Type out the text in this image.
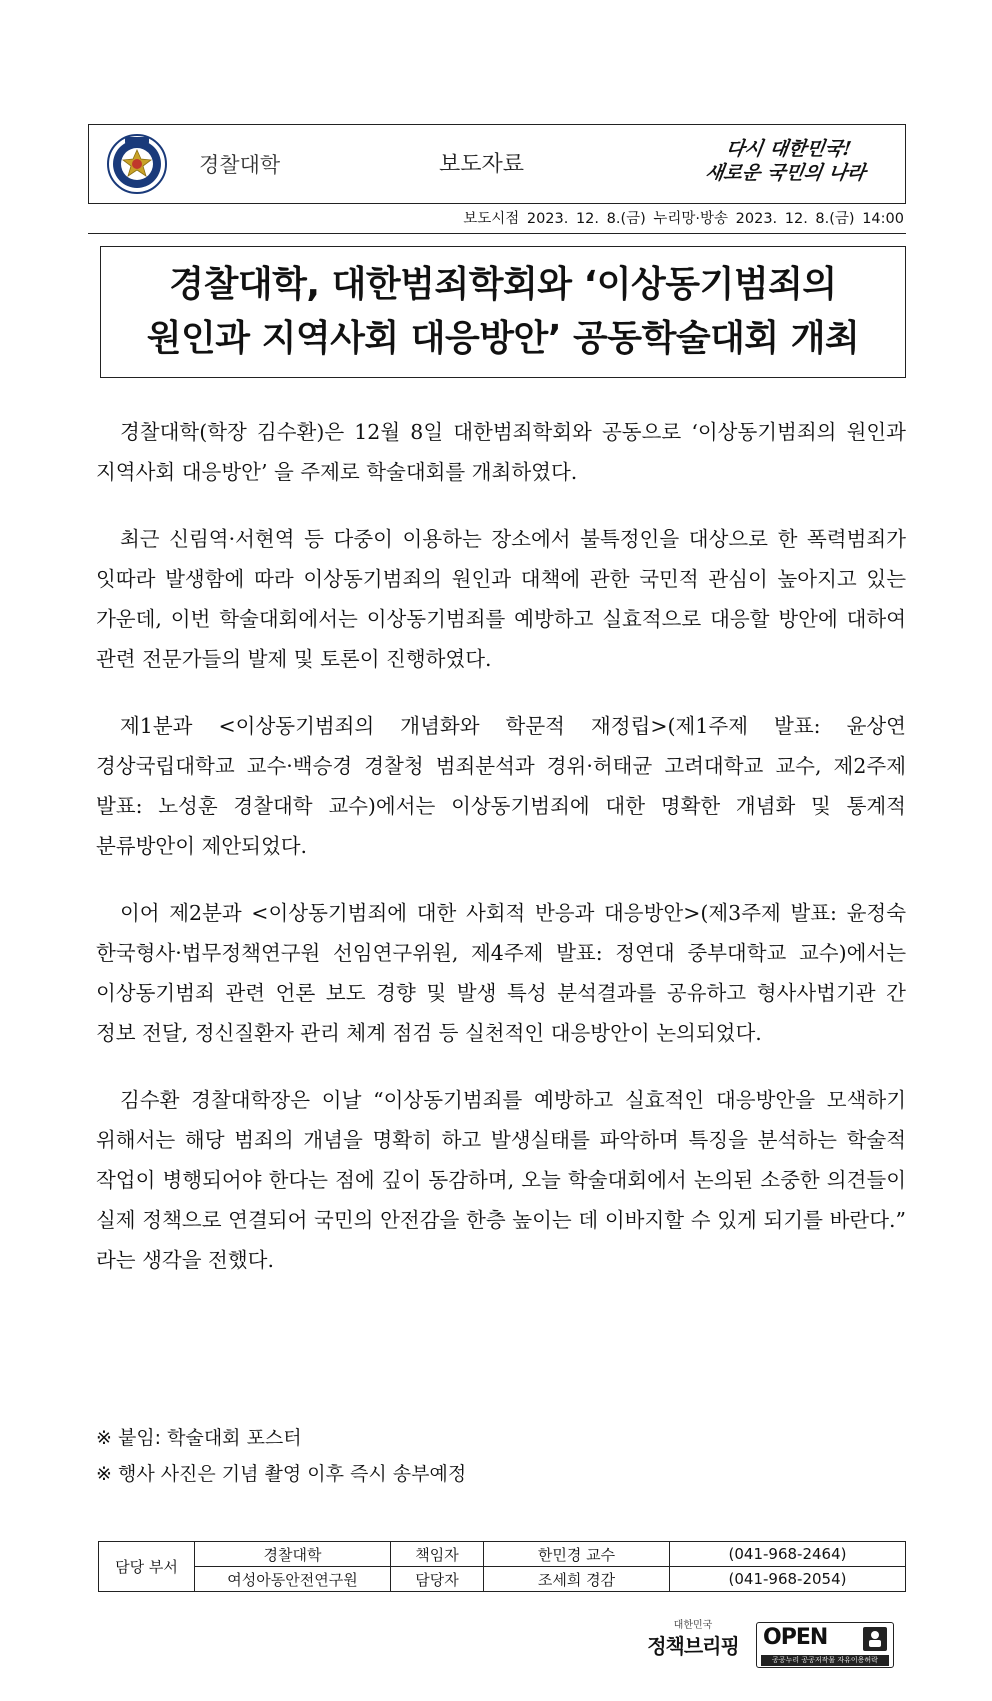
경찰대학	보도자료
다시 대한민국!
새로운 국민의 나라
보도시점 2023. 12. 8.(금) 누리망·방송 2023. 12. 8.(금) 14:00
경찰대학, 대한범죄학회와 ‘이상동기범죄의
원인과 지역사회 대응방안’ 공동학술대회 개최

경찰대학(학장 김수환)은 12월 8일 대한범죄학회와 공동으로 ‘이상동기범죄의 원인과 지역사회 대응방안’ 을 주제로 학술대회를 개최하였다.

최근 신림역·서현역 등 다중이 이용하는 장소에서 불특정인을 대상으로 한 폭력범죄가 잇따라 발생함에 따라 이상동기범죄의 원인과 대책에 관한 국민적 관심이 높아지고 있는 가운데, 이번 학술대회에서는 이상동기범죄를 예방하고 실효적으로 대응할 방안에 대하여 관련 전문가들의 발제 및 토론이 진행하였다.

제1분과 <이상동기범죄의 개념화와 학문적 재정립>(제1주제 발표: 윤상연 경상국립대학교 교수·백승경 경찰청 범죄분석과 경위·허태균 고려대학교 교수, 제2주제 발표: 노성훈 경찰대학 교수)에서는 이상동기범죄에 대한 명확한 개념화 및 통계적 분류방안이 제안되었다.

이어 제2분과 <이상동기범죄에 대한 사회적 반응과 대응방안>(제3주제 발표: 윤정숙 한국형사·법무정책연구원 선임연구위원, 제4주제 발표: 정연대 중부대학교 교수)에서는 이상동기범죄 관련 언론 보도 경향 및 발생 특성 분석결과를 공유하고 형사사법기관 간 정보 전달, 정신질환자 관리 체계 점검 등 실천적인 대응방안이 논의되었다.

김수환 경찰대학장은 이날 “이상동기범죄를 예방하고 실효적인 대응방안을 모색하기 위해서는 해당 범죄의 개념을 명확히 하고 발생실태를 파악하며 특징을 분석하는 학술적 작업이 병행되어야 한다는 점에 깊이 동감하며, 오늘 학술대회에서 논의된 소중한 의견들이 실제 정책으로 연결되어 국민의 안전감을 한층 높이는 데 이바지할 수 있게 되기를 바란다.” 라는 생각을 전했다.

※ 붙임: 학술대회 포스터
※ 행사 사진은 기념 촬영 이후 즉시 송부예정
담당 부서	경찰대학	책임자	한민경 교수	(041-968-2464)
	여성아동안전연구원	담당자	조세희 경감	(041-968-2054)
대한민국
정책브리핑	OPEN
공공누리 공공저작물 자유이용허락
